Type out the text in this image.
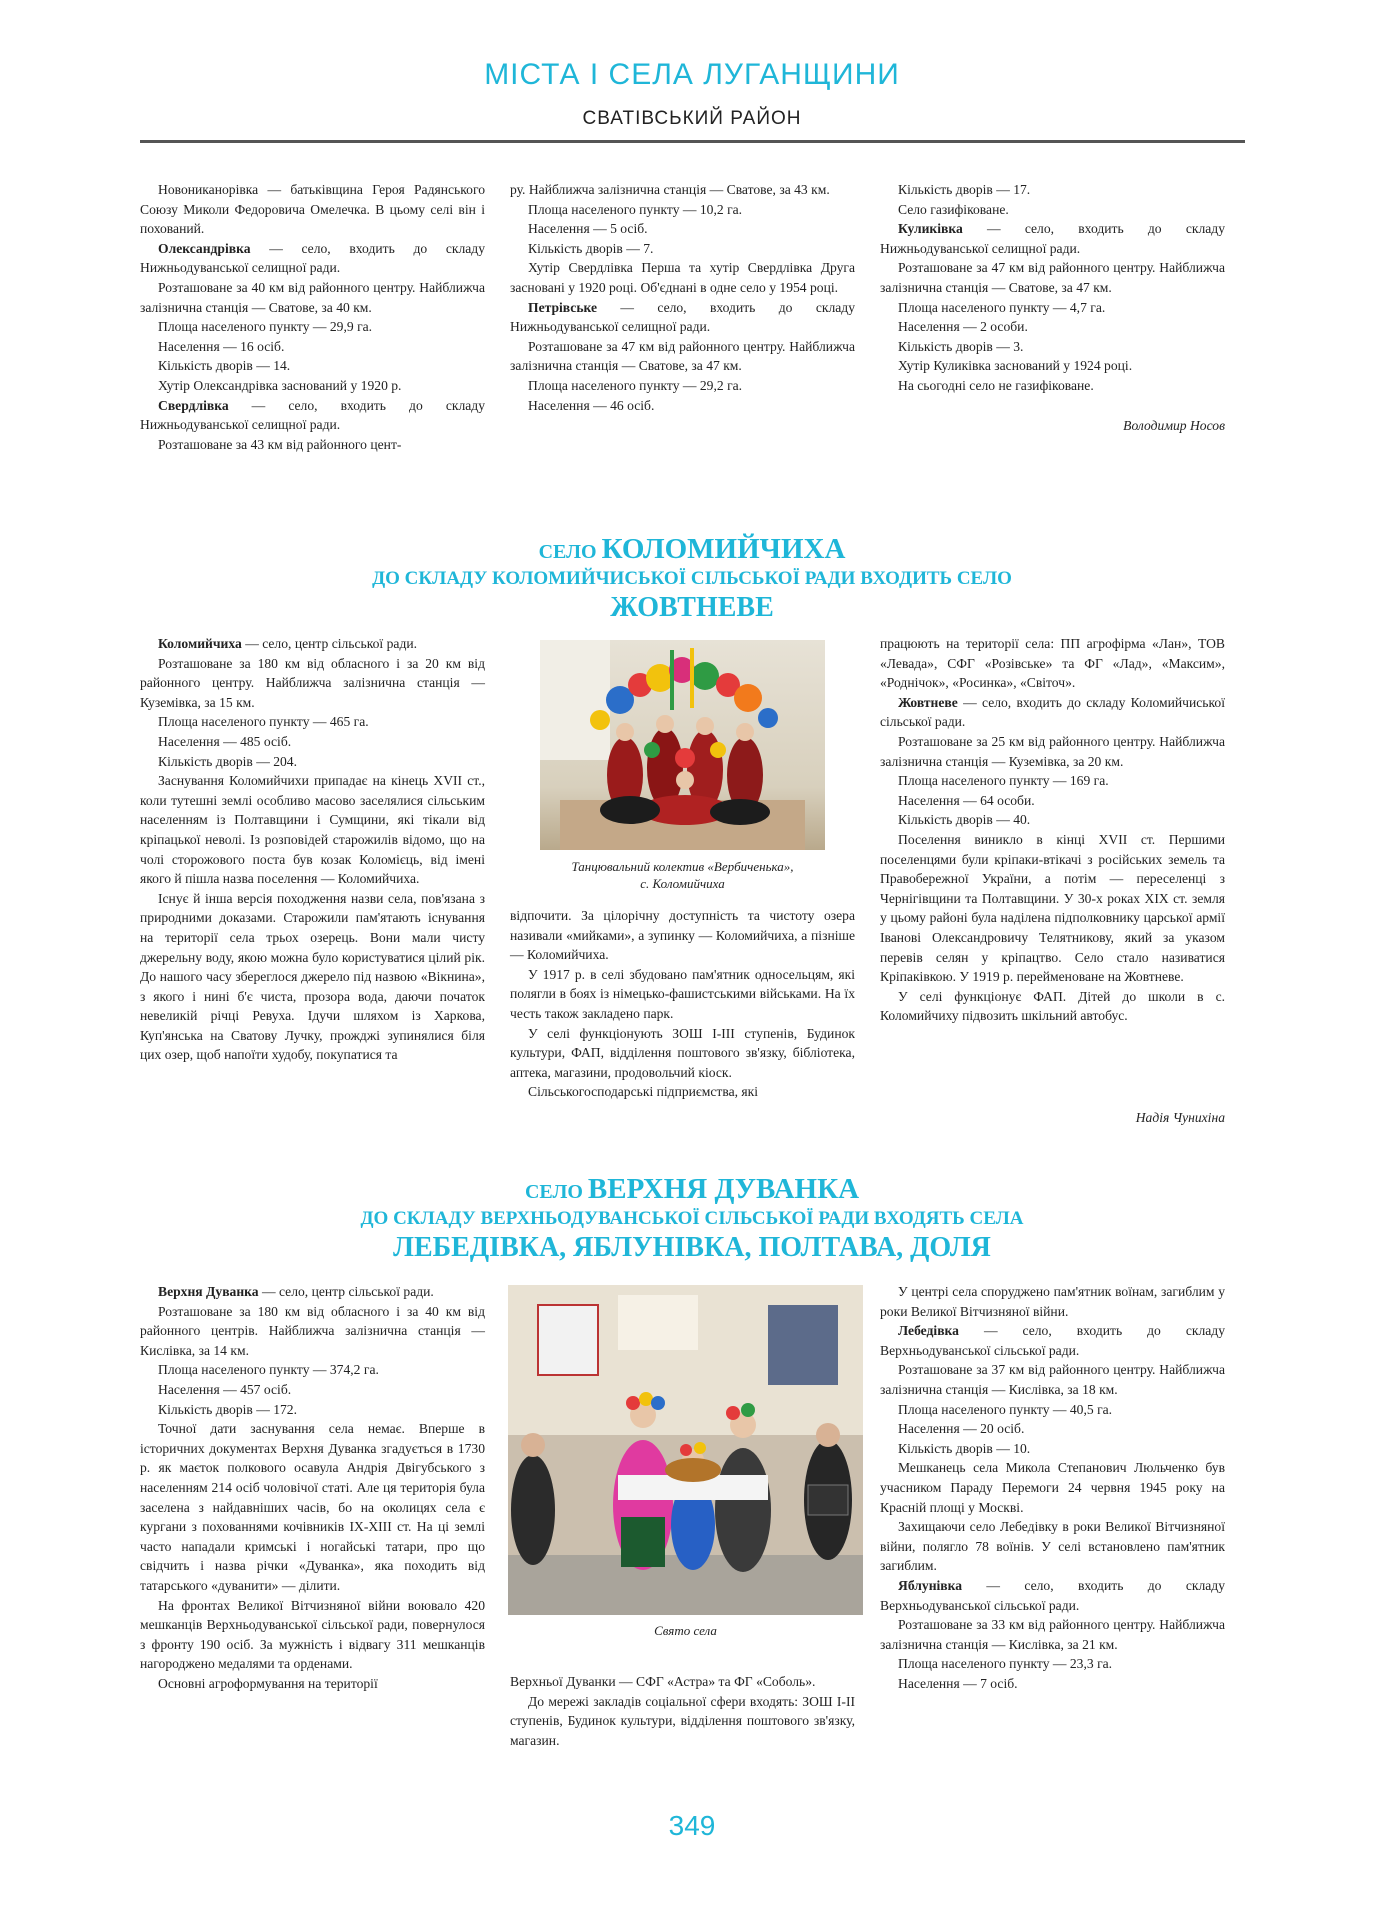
МІСТА І СЕЛА ЛУГАНЩИНИ
СВАТІВСЬКИЙ РАЙОН

Новониканорівка — батьківщина Героя Радянського Союзу Миколи Федоровича Омелечка. В цьому селі він і похований.

Олександрівка — село, входить до складу Нижньодуванської селищної ради.

Розташоване за 40 км від районного центру. Найближча залізнична станція — Сватове, за 40 км.

Площа населеного пункту — 29,9 га.

Населення — 16 осіб.

Кількість дворів — 14.

Хутір Олександрівка заснований у 1920 р.

Свердлівка — село, входить до складу Нижньодуванської селищної ради.

Розташоване за 43 км від районного цент-

ру. Найближча залізнична станція — Сватове, за 43 км.

Площа населеного пункту — 10,2 га.

Населення — 5 осіб.

Кількість дворів — 7.

Хутір Свердлівка Перша та хутір Свердлівка Друга засновані у 1920 році. Об'єднані в одне село у 1954 році.

Петрівське — село, входить до складу Нижньодуванської селищної ради.

Розташоване за 47 км від районного центру. Найближча залізнична станція — Сватове, за 47 км.

Площа населеного пункту — 29,2 га.

Населення — 46 осіб.

Кількість дворів — 17.

Село газифіковане.

Куликівка — село, входить до складу Нижньодуванської селищної ради.

Розташоване за 47 км від районного центру. Найближча залізнична станція — Сватове, за 47 км.

Площа населеного пункту — 4,7 га.

Населення — 2 особи.

Кількість дворів — 3.

Хутір Куликівка заснований у 1924 році.

На сьогодні село не газифіковане.

Володимир Носов

СЕЛО КОЛОМИЙЧИХА
ДО СКЛАДУ КОЛОМИЙЧИСЬКОЇ СІЛЬСЬКОЇ РАДИ ВХОДИТЬ СЕЛО
ЖОВТНЕВЕ

Коломийчиха — село, центр сільської ради.

Розташоване за 180 км від обласного і за 20 км від районного центру. Найближча залізнична станція — Куземівка, за 15 км.

Площа населеного пункту — 465 га.

Населення — 485 осіб.

Кількість дворів — 204.

Заснування Коломийчихи припадає на кінець XVII ст., коли тутешні землі особливо масово заселялися сільським населенням із Полтавщини і Сумщини, які тікали від кріпацької неволі. Із розповідей старожилів відомо, що на чолі сторожового поста був козак Коломієць, від імені якого й пішла назва поселення — Коломийчиха.

Існує й інша версія походження назви села, пов'язана з природними доказами. Старожили пам'ятають існування на території села трьох озерець. Вони мали чисту джерельну воду, якою можна було користуватися цілий рік. До нашого часу збереглося джерело під назвою «Вікнина», з якого і нині б'є чиста, прозора вода, даючи початок невеликій річці Ревуха. Ідучи шляхом із Харкова, Куп'янська на Сватову Лучку, прожджі зупинялися біля цих озер, щоб напоїти худобу, покупатися та

Танцювальний колектив «Вербиченька»,
с. Коломийчиха

відпочити. За цілорічну доступність та чистоту озера називали «мийками», а зупинку — Коломийчиха, а пізніше — Коломийчиха.

У 1917 р. в селі збудовано пам'ятник односельцям, які полягли в боях із німецько-фашистськими військами. На їх честь також закладено парк.

У селі функціонують ЗОШ І-ІІІ ступенів, Будинок культури, ФАП, відділення поштового зв'язку, бібліотека, аптека, магазини, продовольчий кіоск.

Сільськогосподарські підприємства, які

працюють на території села: ПП агрофірма «Лан», ТОВ «Левада», СФГ «Розівське» та ФГ «Лад», «Максим», «Роднічок», «Росинка», «Світоч».

Жовтневе — село, входить до складу Коломийчиської сільської ради.

Розташоване за 25 км від районного центру. Найближча залізнична станція — Куземівка, за 20 км.

Площа населеного пункту — 169 га.

Населення — 64 особи.

Кількість дворів — 40.

Поселення виникло в кінці XVII ст. Першими поселенцями були кріпаки-втікачі з російських земель та Правобережної України, а потім — переселенці з Чернігівщини та Полтавщини. У 30-х роках XIX ст. земля у цьому районі була наділена підполковнику царської армії Іванові Олександровичу Телятникову, який за указом перевів селян у кріпацтво. Село стало називатися Кріпаківкою. У 1919 р. перейменоване на Жовтневе.

У селі функціонує ФАП. Дітей до школи в с. Коломийчиху підвозить шкільний автобус.

Надія Чунихіна

СЕЛО ВЕРХНЯ ДУВАНКА
ДО СКЛАДУ ВЕРХНЬОДУВАНСЬКОЇ СІЛЬСЬКОЇ РАДИ ВХОДЯТЬ СЕЛА
ЛЕБЕДІВКА, ЯБЛУНІВКА, ПОЛТАВА, ДОЛЯ

Верхня Дуванка — село, центр сільської ради.

Розташоване за 180 км від обласного і за 40 км від районного центрів. Найближча залізнична станція — Кислівка, за 14 км.

Площа населеного пункту — 374,2 га.

Населення — 457 осіб.

Кількість дворів — 172.

Точної дати заснування села немає. Вперше в історичних документах Верхня Дуванка згадується в 1730 р. як маєток полкового осавула Андрія Двігубського з населенням 214 осіб чоловічої статі. Але ця територія була заселена з найдавніших часів, бо на околицях села є кургани з похованнями кочівників IX-XIII ст. На ці землі часто нападали кримські і ногайські татари, про що свідчить і назва річки «Дуванка», яка походить від татарського «дуванити» — ділити.

На фронтах Великої Вітчизняної війни воювало 420 мешканців Верхньодуванської сільської ради, повернулося з фронту 190 осіб. За мужність і відвагу 311 мешканців нагороджено медалями та орденами.

Основні агроформування на території

Свято села

Верхньої Дуванки — СФГ «Астра» та ФГ «Соболь».

До мережі закладів соціальної сфери входять: ЗОШ І-ІІ ступенів, Будинок культури, відділення поштового зв'язку, магазин.

У центрі села споруджено пам'ятник воїнам, загиблим у роки Великої Вітчизняної війни.

Лебедівка — село, входить до складу Верхньодуванської сільської ради.

Розташоване за 37 км від районного центру. Найближча залізнична станція — Кислівка, за 18 км.

Площа населеного пункту — 40,5 га.

Населення — 20 осіб.

Кількість дворів — 10.

Мешканець села Микола Степанович Люльченко був учасником Параду Перемоги 24 червня 1945 року на Красній площі у Москві.

Захищаючи село Лебедівку в роки Великої Вітчизняної війни, полягло 78 воїнів. У селі встановлено пам'ятник загиблим.

Яблунівка — село, входить до складу Верхньодуванської сільської ради.

Розташоване за 33 км від районного центру. Найближча залізнична станція — Кислівка, за 21 км.

Площа населеного пункту — 23,3 га.

Населення — 7 осіб.

349
